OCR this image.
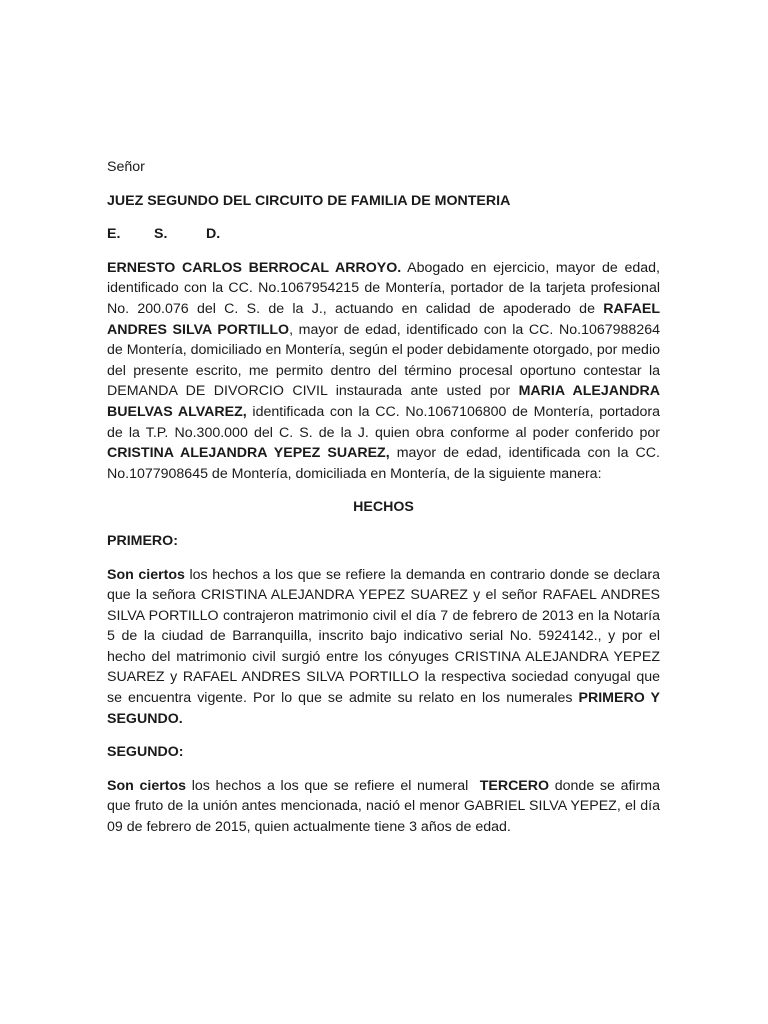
Señor
JUEZ SEGUNDO DEL CIRCUITO DE FAMILIA DE MONTERIA
E. S.	D.

ERNESTO CARLOS BERROCAL ARROYO. Abogado en ejercicio, mayor de edad, identificado con la CC. No.1067954215 de Montería, portador de la tarjeta profesional No. 200.076 del C. S. de la J., actuando en calidad de apoderado de RAFAEL ANDRES SILVA PORTILLO, mayor de edad, identificado con la CC. No.1067988264 de Montería, domiciliado en Montería, según el poder debidamente otorgado, por medio del presente escrito, me permito dentro del término procesal oportuno contestar la DEMANDA DE DIVORCIO CIVIL instaurada ante usted por MARIA ALEJANDRA BUELVAS ALVAREZ, identificada con la CC. No.1067106800 de Montería, portadora de la T.P. No.300.000 del C. S. de la J. quien obra conforme al poder conferido por CRISTINA ALEJANDRA YEPEZ SUAREZ, mayor de edad, identificada con la CC. No.1077908645 de Montería, domiciliada en Montería, de la siguiente manera:

HECHOS
PRIMERO:

Son ciertos los hechos a los que se refiere la demanda en contrario donde se declara que la señora CRISTINA ALEJANDRA YEPEZ SUAREZ y el señor RAFAEL ANDRES SILVA PORTILLO contrajeron matrimonio civil el día 7 de febrero de 2013 en la Notaría 5 de la ciudad de Barranquilla, inscrito bajo indicativo serial No. 5924142., y por el hecho del matrimonio civil surgió entre los cónyuges CRISTINA ALEJANDRA YEPEZ SUAREZ y RAFAEL ANDRES SILVA PORTILLO la respectiva sociedad conyugal que se encuentra vigente. Por lo que se admite su relato en los numerales PRIMERO Y SEGUNDO.

SEGUNDO:

Son ciertos los hechos a los que se refiere el numeral  TERCERO donde se afirma que fruto de la unión antes mencionada, nació el menor GABRIEL SILVA YEPEZ, el día 09 de febrero de 2015, quien actualmente tiene 3 años de edad.
